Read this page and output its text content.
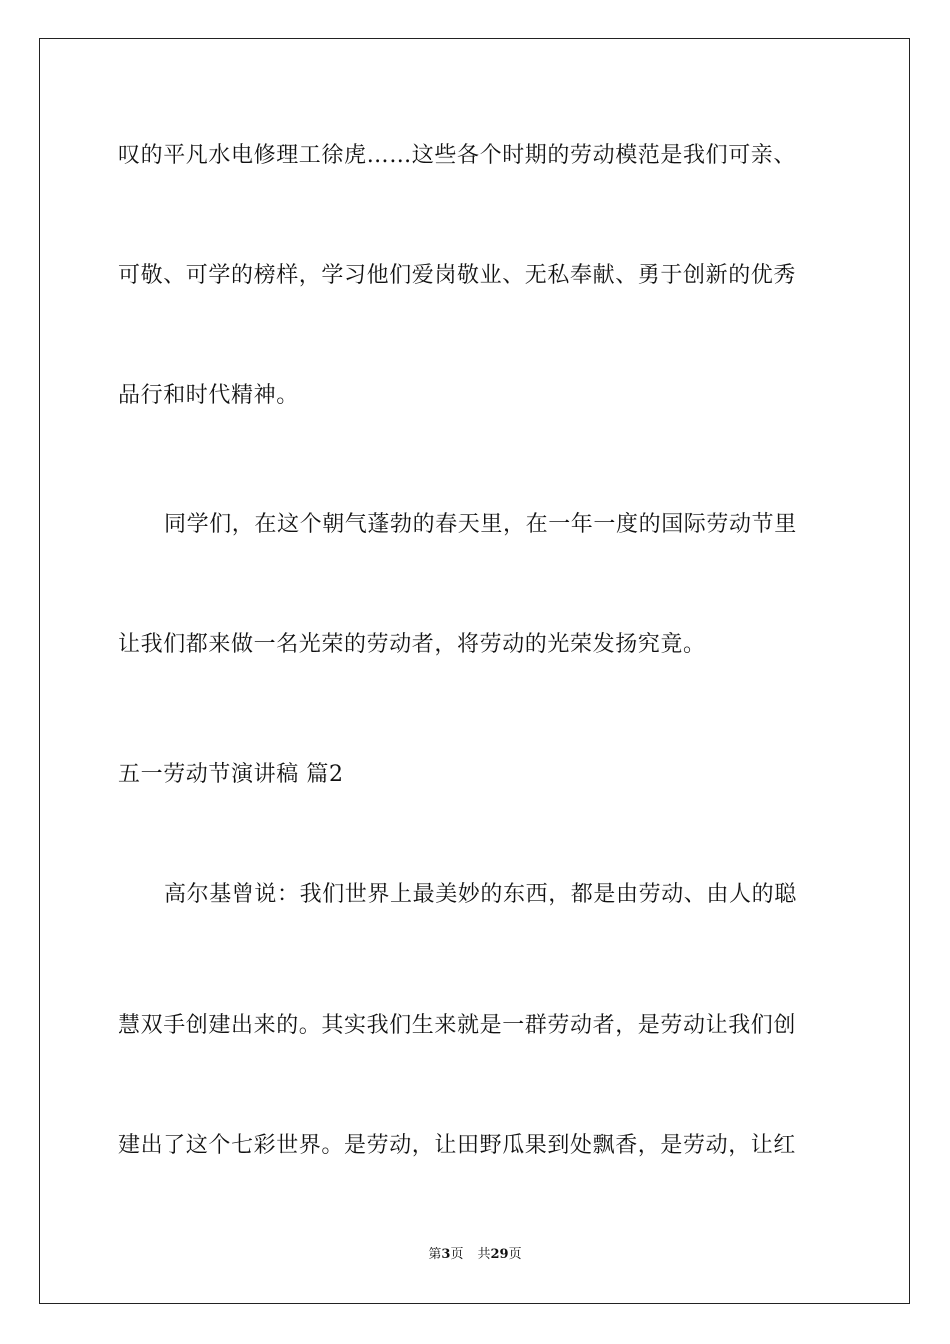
叹的平凡水电修理工徐虎……这些各个时期的劳动模范是我们可亲、
可敬、可学的榜样，学习他们爱岗敬业、无私奉献、勇于创新的优秀
品行和时代精神。
同学们，在这个朝气蓬勃的春天里，在一年一度的国际劳动节里
让我们都来做一名光荣的劳动者，将劳动的光荣发扬究竟。
五一劳动节演讲稿 篇2
高尔基曾说：我们世界上最美妙的东西，都是由劳动、由人的聪
慧双手创建出来的。其实我们生来就是一群劳动者，是劳动让我们创
建出了这个七彩世界。是劳动，让田野瓜果到处飘香，是劳动，让红
第3页 共29页
